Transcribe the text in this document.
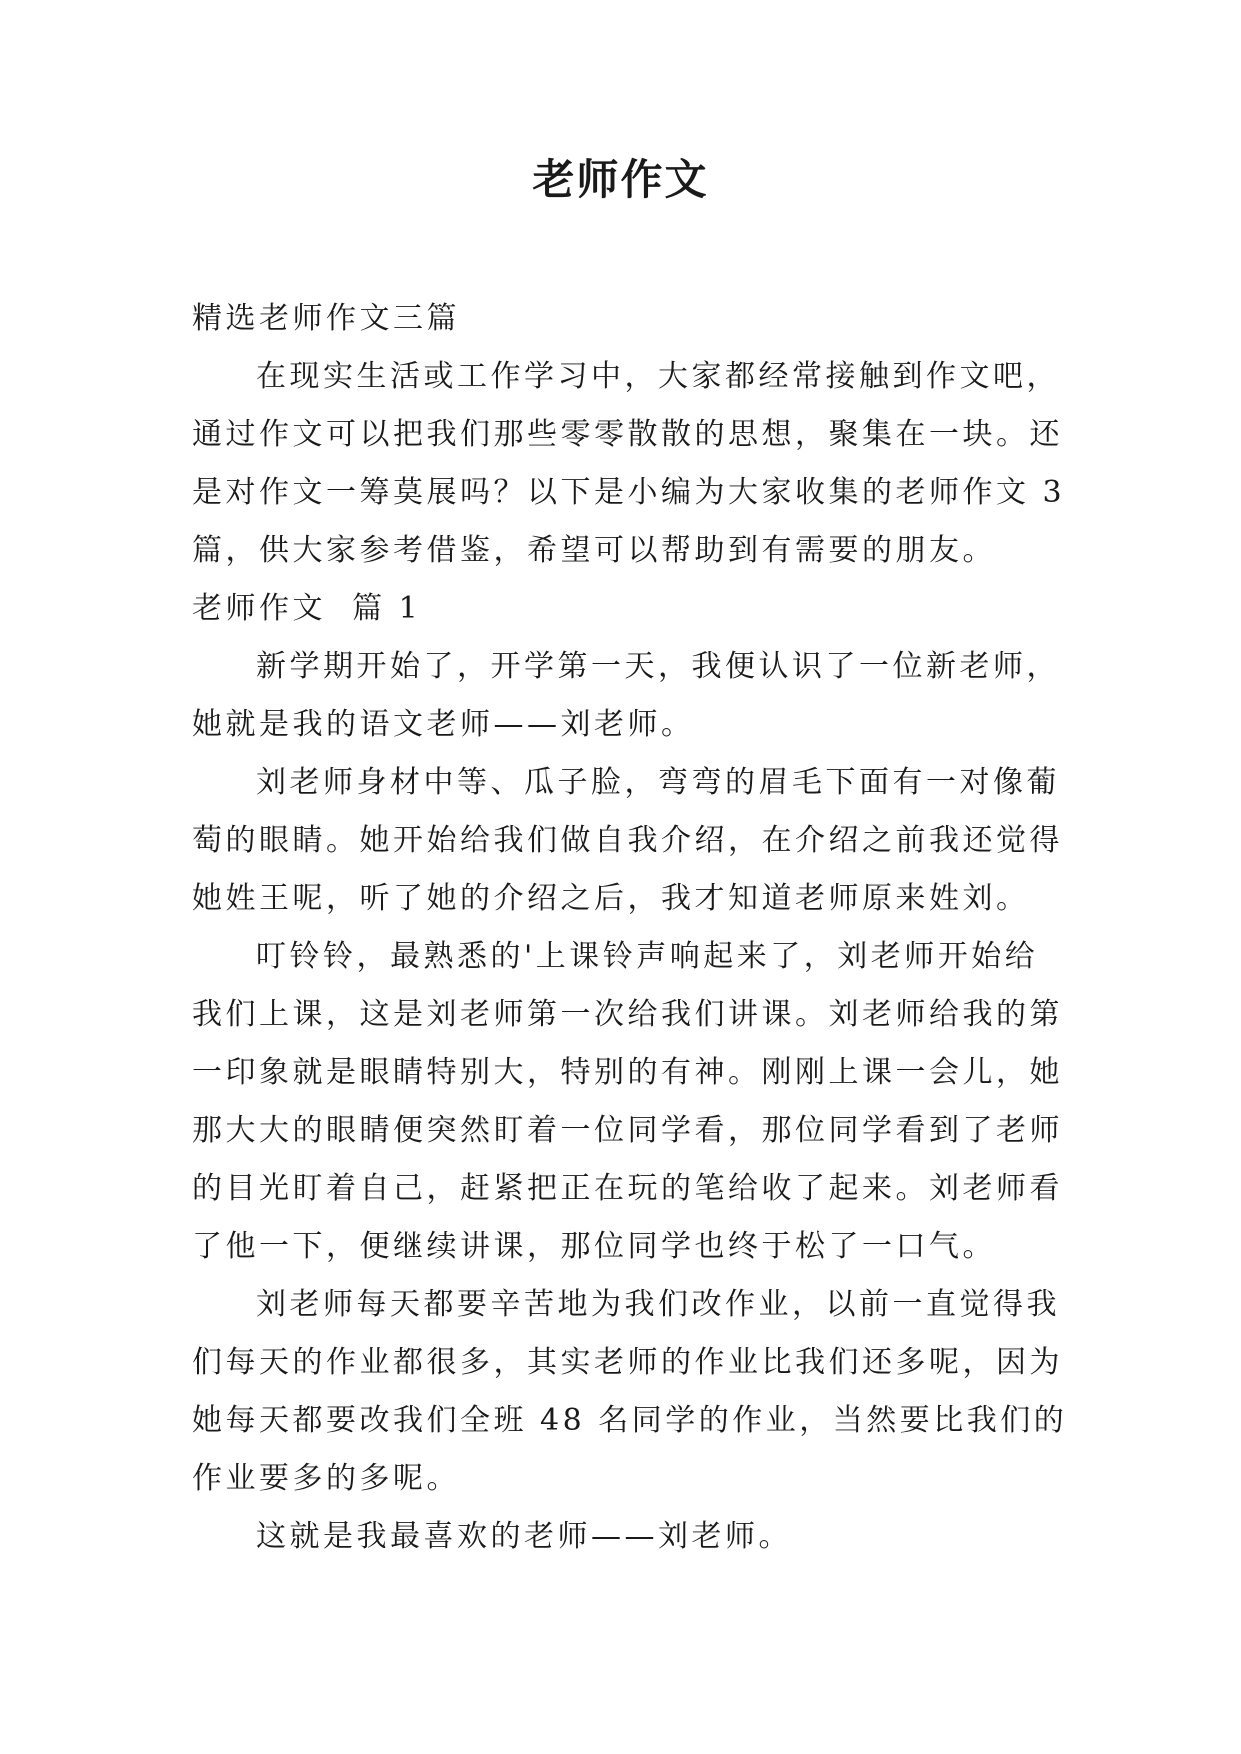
老师作文

精选老师作文三篇

在现实生活或工作学习中，大家都经常接触到作文吧，

通过作文可以把我们那些零零散散的思想，聚集在一块。还

是对作文一筹莫展吗？以下是小编为大家收集的老师作文 3

篇，供大家参考借鉴，希望可以帮助到有需要的朋友。

老师作文  篇 1

新学期开始了，开学第一天，我便认识了一位新老师，

她就是我的语文老师——刘老师。

刘老师身材中等、瓜子脸，弯弯的眉毛下面有一对像葡

萄的眼睛。她开始给我们做自我介绍，在介绍之前我还觉得

她姓王呢，听了她的介绍之后，我才知道老师原来姓刘。

叮铃铃，最熟悉的'上课铃声响起来了，刘老师开始给

我们上课，这是刘老师第一次给我们讲课。刘老师给我的第

一印象就是眼睛特别大，特别的有神。刚刚上课一会儿，她

那大大的眼睛便突然盯着一位同学看，那位同学看到了老师

的目光盯着自己，赶紧把正在玩的笔给收了起来。刘老师看

了他一下，便继续讲课，那位同学也终于松了一口气。

刘老师每天都要辛苦地为我们改作业，以前一直觉得我

们每天的作业都很多，其实老师的作业比我们还多呢，因为

她每天都要改我们全班 48 名同学的作业，当然要比我们的

作业要多的多呢。

这就是我最喜欢的老师——刘老师。
